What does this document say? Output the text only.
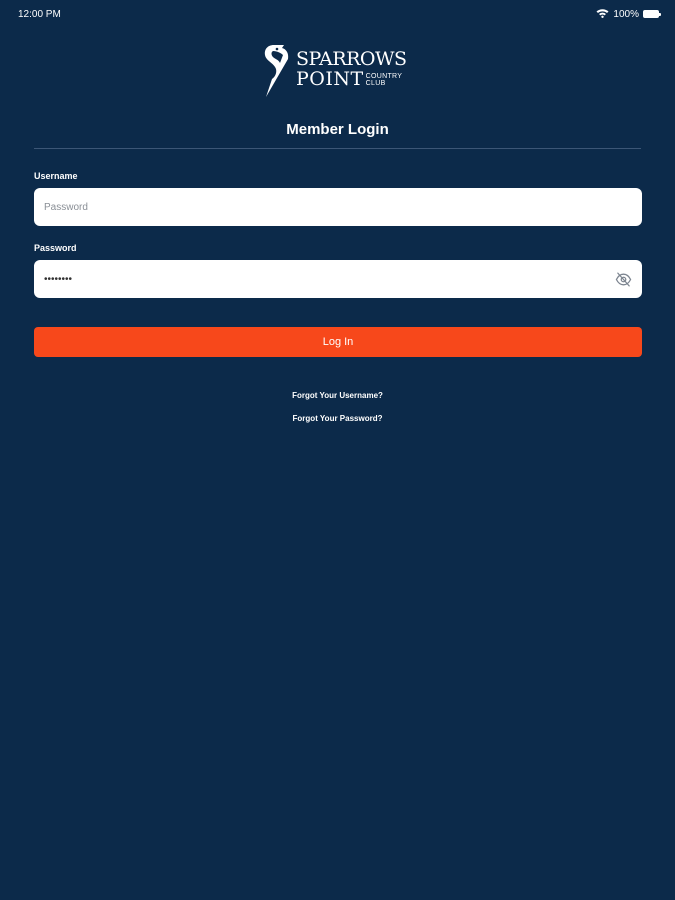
12:00 PM	100%
SPARROWS
POINT COUNTRY
CLUB
Member Login
Username
Password
Password
Log In
Forgot Your Username?
Forgot Your Password?
